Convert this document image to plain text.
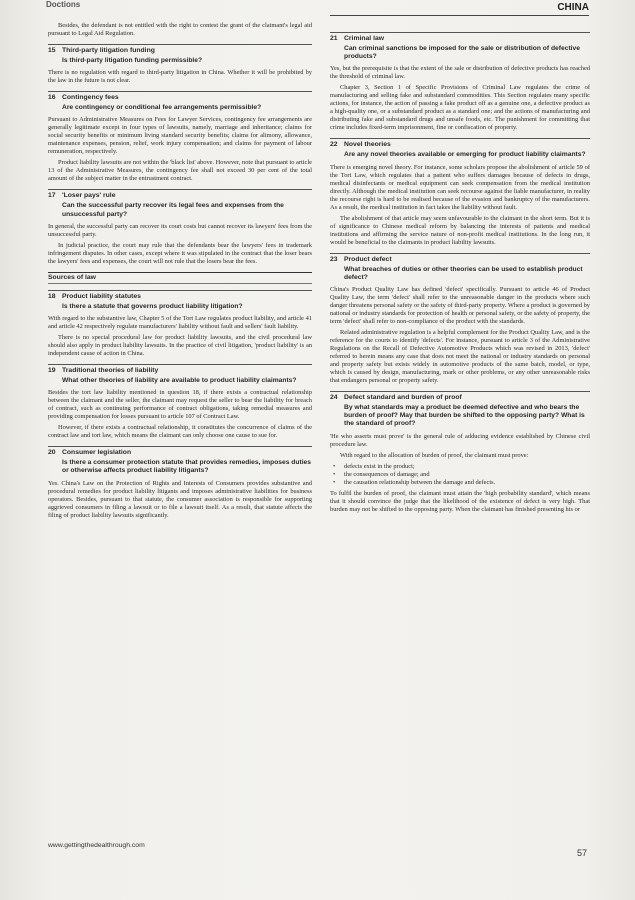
Doctions	CHINA

Besides, the defendant is not entitled with the right to contest the grant of the claimant's legal aid pursuant to Legal Aid Regulation.

15 Third-party litigation funding
Is third-party litigation funding permissible?

There is no regulation with regard to third-party litigation in China. Whether it will be prohibited by the law in the future is not clear.

16 Contingency fees
Are contingency or conditional fee arrangements permissible?

Pursuant to Administrative Measures on Fees for Lawyer Services, contingency fee arrangements are generally legitimate except in four types of lawsuits, namely, marriage and inheritance; claims for social security benefits or minimum living standard security benefits; claims for alimony, allowance, maintenance expenses, pension, relief, work injury compensation; and claims for payment of labour remuneration, respectively.

Product liability lawsuits are not within the 'black list' above. However, note that pursuant to article 13 of the Administrative Measures, the contingency fee shall not exceed 30 per cent of the total amount of the subject matter in the entrustment contract.

17 'Loser pays' rule
Can the successful party recover its legal fees and expenses from the unsuccessful party?

In general, the successful party can recover its court costs but cannot recover its lawyers' fees from the unsuccessful party.

In judicial practice, the court may rule that the defendants bear the lawyers' fees in trademark infringement disputes. In other cases, except where it was stipulated in the contract that the loser bears the lawyers' fees and expenses, the court will not rule that the losers bear the fees.

Sources of law
18 Product liability statutes
Is there a statute that governs product liability litigation?

With regard to the substantive law, Chapter 5 of the Tort Law regulates product liability, and article 41 and article 42 respectively regulate manufacturers' liability without fault and sellers' fault liability.

There is no special procedural law for product liability lawsuits, and the civil procedural law should also apply in product liability lawsuits. In the practice of civil litigation, 'product liability' is an independent cause of action in China.

19 Traditional theories of liability
What other theories of liability are available to product liability claimants?

Besides the tort law liability mentioned in question 18, if there exists a contractual relationship between the claimant and the seller, the claimant may request the seller to bear the liability for breach of contract, such as continuing performance of contract obligations, taking remedial measures and providing compensation for losses pursuant to article 107 of Contract Law.

However, if there exists a contractual relationship, it constitutes the concurrence of claims of the contract law and tort law, which means the claimant can only choose one cause to sue for.

20 Consumer legislation
Is there a consumer protection statute that provides remedies, imposes duties or otherwise affects product liability litigants?

Yes. China's Law on the Protection of Rights and Interests of Consumers provides substantive and procedural remedies for product liability litigants and imposes administrative liabilities for business operators. Besides, pursuant to that statute, the consumer association is responsible for supporting aggrieved consumers in filing a lawsuit or to file a lawsuit itself. As a result, that statute affects the filing of product liability lawsuits significantly.

21 Criminal law
Can criminal sanctions be imposed for the sale or distribution of defective products?

Yes, but the prerequisite is that the extent of the sale or distribution of defective products has reached the threshold of criminal law.

Chapter 3, Section 1 of Specific Provisions of Criminal Law regulates the crime of manufacturing and selling fake and substandard commodities. This Section regulates many specific actions, for instance, the action of passing a fake product off as a genuine one, a defective product as a high-quality one, or a substandard product as a standard one; and the actions of manufacturing and distributing fake and substandard drugs and unsafe foods, etc. The punishment for committing that crime includes fixed-term imprisonment, fine or confiscation of property.

22 Novel theories
Are any novel theories available or emerging for product liability claimants?

There is emerging novel theory. For instance, some scholars propose the abolishment of article 59 of the Tort Law, which regulates that a patient who suffers damages because of defects in drugs, medical disinfectants or medical equipment can seek compensation from the medical institution directly. Although the medical institution can seek recourse against the liable manufacturer, in reality the recourse right is hard to be realised because of the evasion and bankruptcy of the manufacturers. As a result, the medical institution in fact takes the liability without fault.

The abolishment of that article may seem unfavourable to the claimant in the short term. But it is of significance to Chinese medical reform by balancing the interests of patients and medical institutions and affirming the service nature of non-profit medical institutions. In the long run, it would be beneficial to the claimants in product liability lawsuits.

23 Product defect
What breaches of duties or other theories can be used to establish product defect?

China's Product Quality Law has defined 'defect' specifically. Pursuant to article 46 of Product Quality Law, the term 'defect' shall refer to the unreasonable danger in the products where such danger threatens personal safety or the safety of third-party property. Where a product is governed by national or industry standards for protection of health or personal safety, or the safety of property, the term 'defect' shall refer to non-compliance of the product with the standards.

Related administrative regulation is a helpful complement for the Product Quality Law, and is the reference for the courts to identify 'defects'. For instance, pursuant to article 3 of the Administrative Regulations on the Recall of Defective Automotive Products which was revised in 2013, 'defect' referred to herein means any case that does not meet the national or industry standards on personal and property safety but exists widely in automotive products of the same batch, model, or type, which is caused by design, manufacturing, mark or other problems, or any other unreasonable risks that endangers personal or property safety.

24 Defect standard and burden of proof
By what standards may a product be deemed defective and who bears the burden of proof? May that burden be shifted to the opposing party? What is the standard of proof?

'He who asserts must prove' is the general rule of adducing evidence established by Chinese civil procedure law.

With regard to the allocation of burden of proof, the claimant must prove:

• defects exist in the product;
• the consequences of damage; and
• the causation relationship between the damage and defects.

To fulfil the burden of proof, the claimant must attain the 'high probability standard', which means that it should convince the judge that the likelihood of the existence of defect is very high. That burden may not be shifted to the opposing party. When the claimant has finished presenting his or

www.gettingthedealthrough.com
57
